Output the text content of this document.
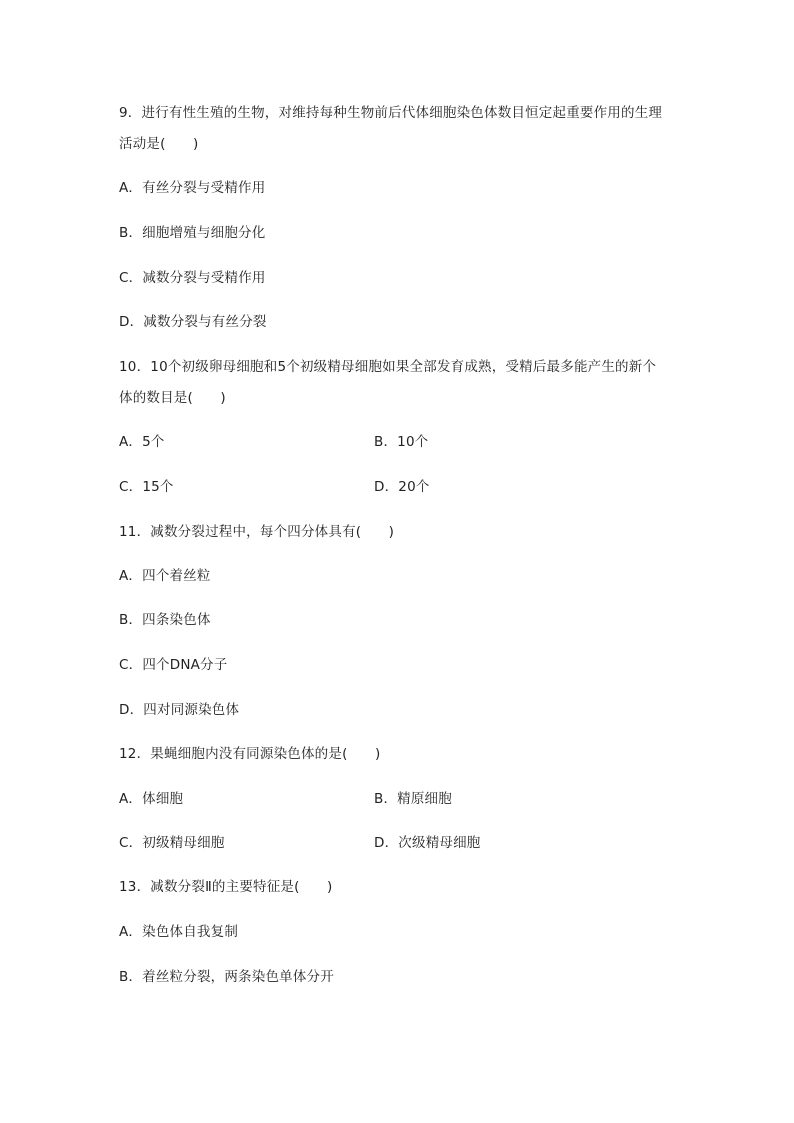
9．进行有性生殖的生物，对维持每种生物前后代体细胞染色体数目恒定起重要作用的生理
活动是(　　)
A．有丝分裂与受精作用
B．细胞增殖与细胞分化
C．减数分裂与受精作用
D．减数分裂与有丝分裂
10．10个初级卵母细胞和5个初级精母细胞如果全部发育成熟，受精后最多能产生的新个
体的数目是(　　)
A．5个	B．10个
C．15个	D．20个
11．减数分裂过程中，每个四分体具有(　　)
A．四个着丝粒
B．四条染色体
C．四个DNA分子
D．四对同源染色体
12．果蝇细胞内没有同源染色体的是(　　)
A．体细胞	B．精原细胞
C．初级精母细胞	D．次级精母细胞
13．减数分裂Ⅱ的主要特征是(　　)
A．染色体自我复制
B．着丝粒分裂，两条染色单体分开
